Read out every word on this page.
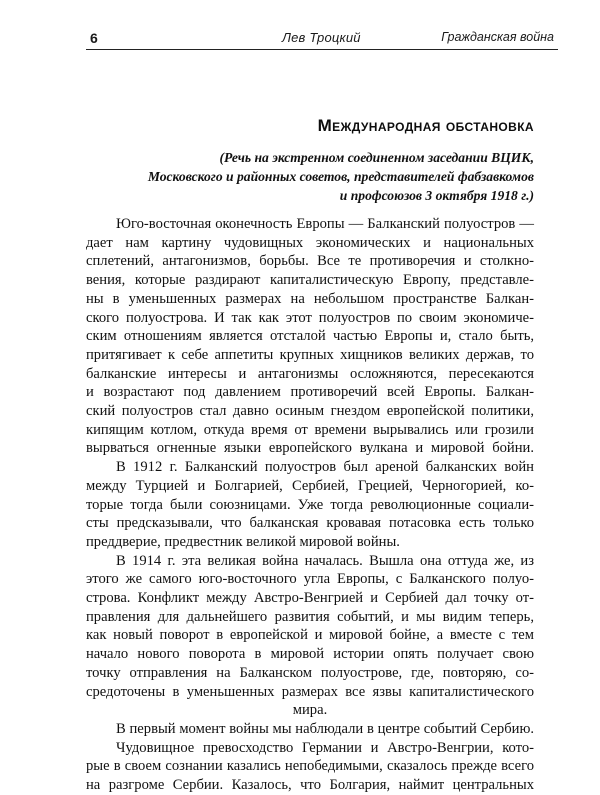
6	Лев Троцкий	Гражданская война
Международная обстановка
(Речь на экстренном соединенном заседании ВЦИК,
Московского и районных советов, представителей фабзавкомов
и профсоюзов 3 октября 1918 г.)
Юго-восточная оконечность Европы — Балканский полуостров —
дает нам картину чудовищных экономических и национальных
сплетений, антагонизмов, борьбы. Все те противоречия и столкно-
вения, которые раздирают капиталистическую Европу, представле-
ны в уменьшенных размерах на небольшом пространстве Балкан-
ского полуострова. И так как этот полуостров по своим экономиче-
ским отношениям является отсталой частью Европы и, стало быть,
притягивает к себе аппетиты крупных хищников великих держав, то
балканские интересы и антагонизмы осложняются, пересекаются
и возрастают под давлением противоречий всей Европы. Балкан-
ский полуостров стал давно осиным гнездом европейской политики,
кипящим котлом, откуда время от времени вырывались или грозили
вырваться огненные языки европейского вулкана и мировой бойни.
В 1912 г. Балканский полуостров был ареной балканских войн
между Турцией и Болгарией, Сербией, Грецией, Черногорией, ко-
торые тогда были союзницами. Уже тогда революционные социали-
сты предсказывали, что балканская кровавая потасовка есть только
преддверие, предвестник великой мировой войны.
В 1914 г. эта великая война началась. Вышла она оттуда же, из
этого же самого юго-восточного угла Европы, с Балканского полуо-
строва. Конфликт между Австро-Венгрией и Сербией дал точку от-
правления для дальнейшего развития событий, и мы видим теперь,
как новый поворот в европейской и мировой бойне, а вместе с тем
начало нового поворота в мировой истории опять получает свою
точку отправления на Балканском полуострове, где, повторяю, со-
средоточены в уменьшенных размерах все язвы капиталистического
мира.
В первый момент войны мы наблюдали в центре событий Сербию.
Чудовищное превосходство Германии и Австро-Венгрии, кото-
рые в своем сознании казались непобедимыми, сказалось прежде всего
на разгроме Сербии. Казалось, что Болгария, наймит центральных
